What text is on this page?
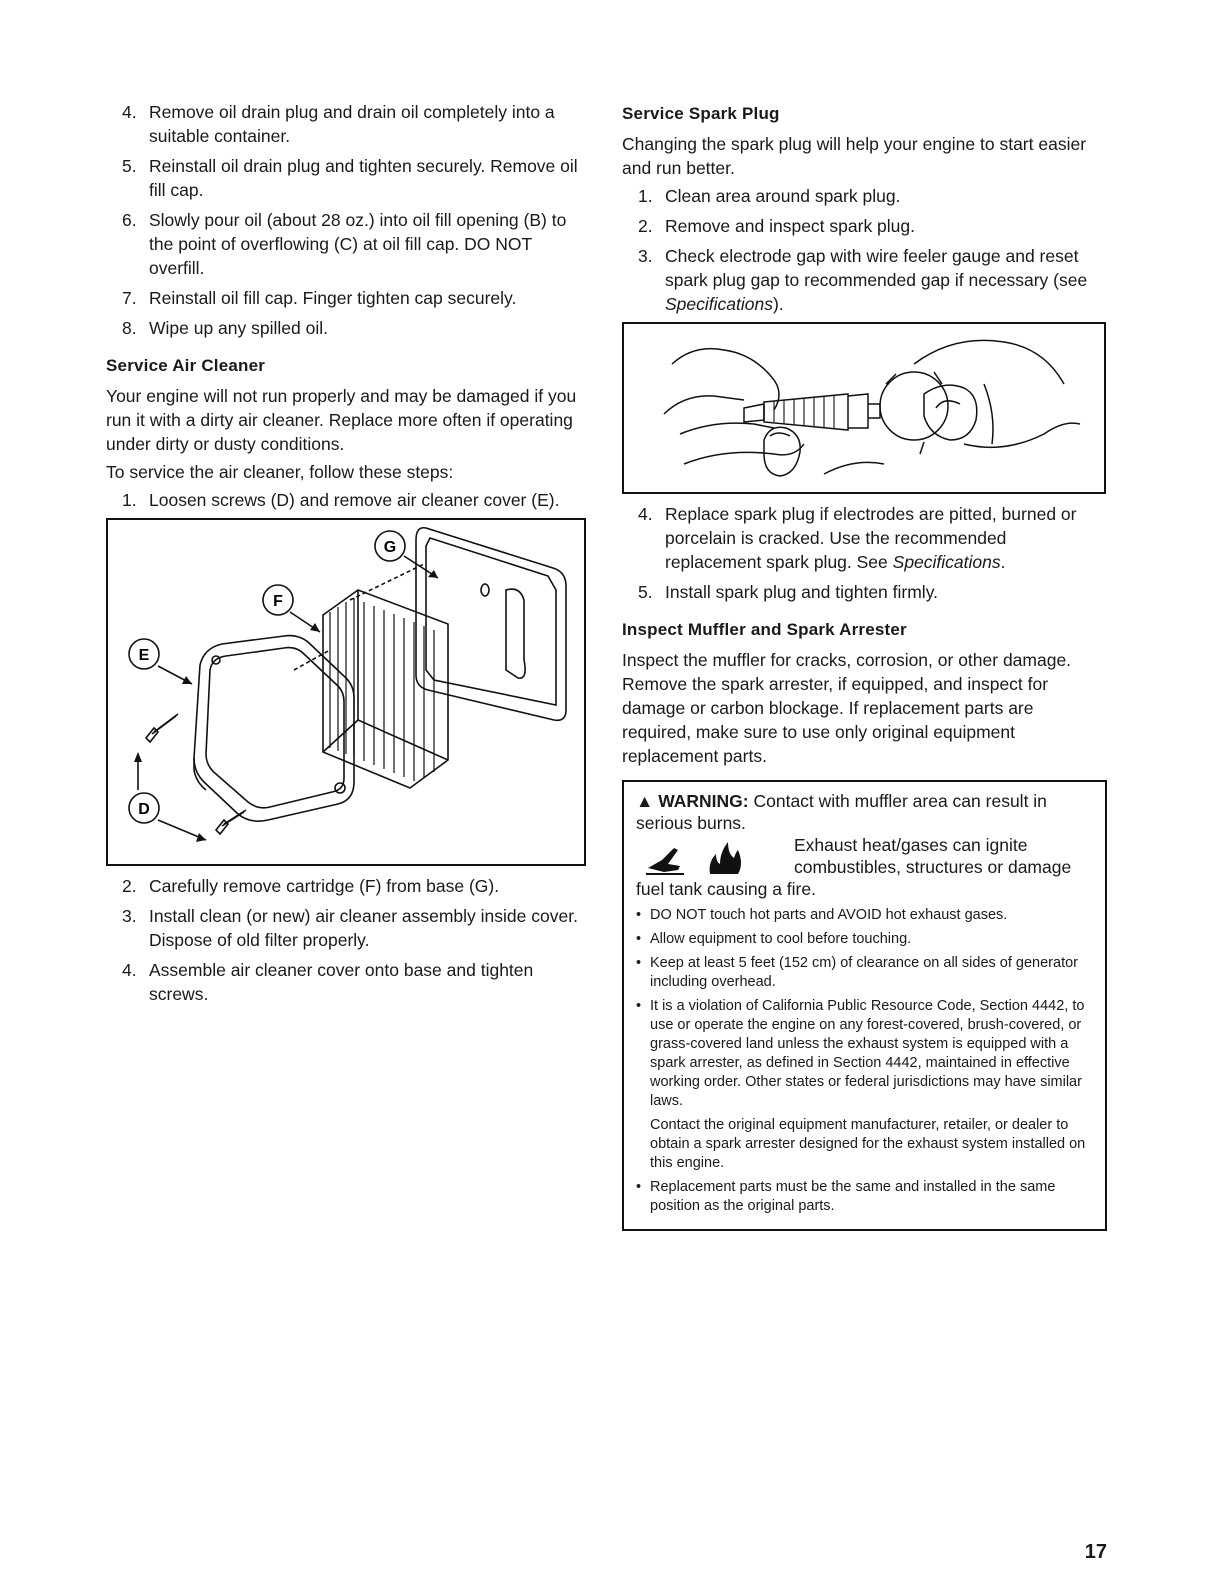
4. Remove oil drain plug and drain oil completely into a suitable container.
5. Reinstall oil drain plug and tighten securely. Remove oil fill cap.
6. Slowly pour oil (about 28 oz.) into oil fill opening (B) to the point of overflowing (C) at oil fill cap. DO NOT overfill.
7. Reinstall oil fill cap. Finger tighten cap securely.
8. Wipe up any spilled oil.
Service Air Cleaner

Your engine will not run properly and may be damaged if you run it with a dirty air cleaner. Replace more often if operating under dirty or dusty conditions.

To service the air cleaner, follow these steps:

1. Loosen screws (D) and remove air cleaner cover (E).
G
F
E
D
2. Carefully remove cartridge (F) from base (G).
3. Install clean (or new) air cleaner assembly inside cover. Dispose of old filter properly.
4. Assemble air cleaner cover onto base and tighten screws.
Service Spark Plug

Changing the spark plug will help your engine to start easier and run better.

1. Clean area around spark plug.
2. Remove and inspect spark plug.
3. Check electrode gap with wire feeler gauge and reset spark plug gap to recommended gap if necessary (see Specifications).
4. Replace spark plug if electrodes are pitted, burned or porcelain is cracked. Use the recommended replacement spark plug. See Specifications.
5. Install spark plug and tighten firmly.
Inspect Muffler and Spark Arrester

Inspect the muffler for cracks, corrosion, or other damage. Remove the spark arrester, if equipped, and inspect for damage or carbon blockage. If replacement parts are required, make sure to use only original equipment replacement parts.

▲ WARNING: Contact with muffler area can result in serious burns.
Exhaust heat/gases can ignite combustibles, structures or damage
fuel tank causing a fire.
• DO NOT touch hot parts and AVOID hot exhaust gases.
• Allow equipment to cool before touching.
• Keep at least 5 feet (152 cm) of clearance on all sides of generator including overhead.
• It is a violation of California Public Resource Code, Section 4442, to use or operate the engine on any forest-covered, brush-covered, or grass-covered land unless the exhaust system is equipped with a spark arrester, as defined in Section 4442, maintained in effective working order. Other states or federal jurisdictions may have similar laws.

Contact the original equipment manufacturer, retailer, or dealer to obtain a spark arrester designed for the exhaust system installed on this engine.

• Replacement parts must be the same and installed in the same position as the original parts.
17
